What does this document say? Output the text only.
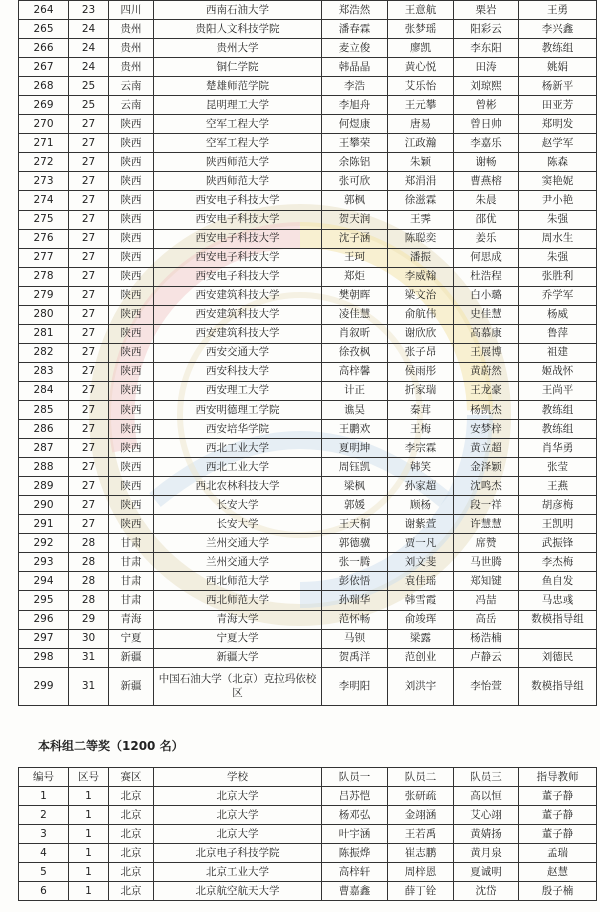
264	23	四川	西南石油大学	郑浩然	王意航	栗岩	王勇
265	24	贵州	贵阳人文科技学院	潘春霖	张梦瑶	阳彩云	李兴鑫
266	24	贵州	贵州大学	麦立俊	廖凯	李东阳	教练组
267	24	贵州	铜仁学院	韩晶晶	黄心悦	田涛	姚娟
268	25	云南	楚雄师范学院	李浩	艾乐怡	刘琼熙	杨新平
269	25	云南	昆明理工大学	李旭舟	王元攀	曾彬	田亚芳
270	27	陕西	空军工程大学	何煜康	唐易	曾日帅	郑明发
271	27	陕西	空军工程大学	王攀荣	江政瀚	李嘉乐	赵学军
272	27	陕西	陕西师范大学	余陈铝	朱颖	谢畅	陈森
273	27	陕西	陕西师范大学	张可欣	郑涓涓	曹燕榕	窦艳妮
274	27	陕西	西安电子科技大学	郭枫	徐滋霖	朱晨	尹小艳
275	27	陕西	西安电子科技大学	贺天润	王霁	邵优	朱强
276	27	陕西	西安电子科技大学	沈子涵	陈聪奕	姜乐	周水生
277	27	陕西	西安电子科技大学	王珂	潘振	何思成	朱强
278	27	陕西	西安电子科技大学	郑炬	李威翰	杜浩程	张胜利
279	27	陕西	西安建筑科技大学	樊朝晖	梁文治	白小璐	乔学军
280	27	陕西	西安建筑科技大学	凌佳慧	俞航伟	史佳慧	杨威
281	27	陕西	西安建筑科技大学	肖叙昕	谢欣欣	高慕康	鲁萍
282	27	陕西	西安交通大学	徐孜枫	张子昂	王展博	祖建
283	27	陕西	西安科技大学	高梓馨	侯雨彤	黄蔚然	姬战怀
284	27	陕西	西安理工大学	计正	折家瑞	王龙豪	王尚平
285	27	陕西	西安明德理工学院	谯昊	秦茸	杨凯杰	教练组
286	27	陕西	西安培华学院	王鹏欢	王梅	安梦梓	教练组
287	27	陕西	西北工业大学	夏明坤	李宗霖	黄立超	肖华勇
288	27	陕西	西北工业大学	周钰凯	韩笑	金泽颖	张莹
289	27	陕西	西北农林科技大学	梁枫	孙家超	沈鸣杰	王燕
290	27	陕西	长安大学	郭媛	顾杨	段一祥	胡彦梅
291	27	陕西	长安大学	王天桐	谢紫萱	许慧慧	王凯明
292	28	甘肃	兰州交通大学	郭德骥	贾一凡	席赞	武振锋
293	28	甘肃	兰州交通大学	张一腾	刘文斐	马世腾	李杰梅
294	28	甘肃	西北师范大学	彭依悟	袁佳瑶	郑知键	鱼自发
295	28	甘肃	西北师范大学	孙瑞华	韩雪霞	冯喆	马忠彧
296	29	青海	青海大学	范怀畅	俞竣珲	高岳	数模指导组
297	30	宁夏	宁夏大学	马钡	梁露	杨浩楠	
298	31	新疆	新疆大学	贺禹洋	范创业	卢静云	刘德民
299	31	新疆	中国石油大学（北京）克拉玛依校区	李明阳	刘洪宇	李怡萱	数模指导组

本科组二等奖（1200 名）

编号	区号	赛区	学校	队员一	队员二	队员三	指导教师
1	1	北京	北京大学	吕苏恺	张研疏	高以恒	董子静
2	1	北京	北京大学	杨邓弘	金翊涵	艾心翊	董子静
3	1	北京	北京大学	叶宇涵	王若禹	黄婧扬	董子静
4	1	北京	北京电子科技学院	陈振烨	崔志鹏	黄月泉	孟瑞
5	1	北京	北京工业大学	高梓轩	周梓恩	夏诚明	赵慧
6	1	北京	北京航空航天大学	曹嘉鑫	薛丁铨	沈岱	殷子楠
